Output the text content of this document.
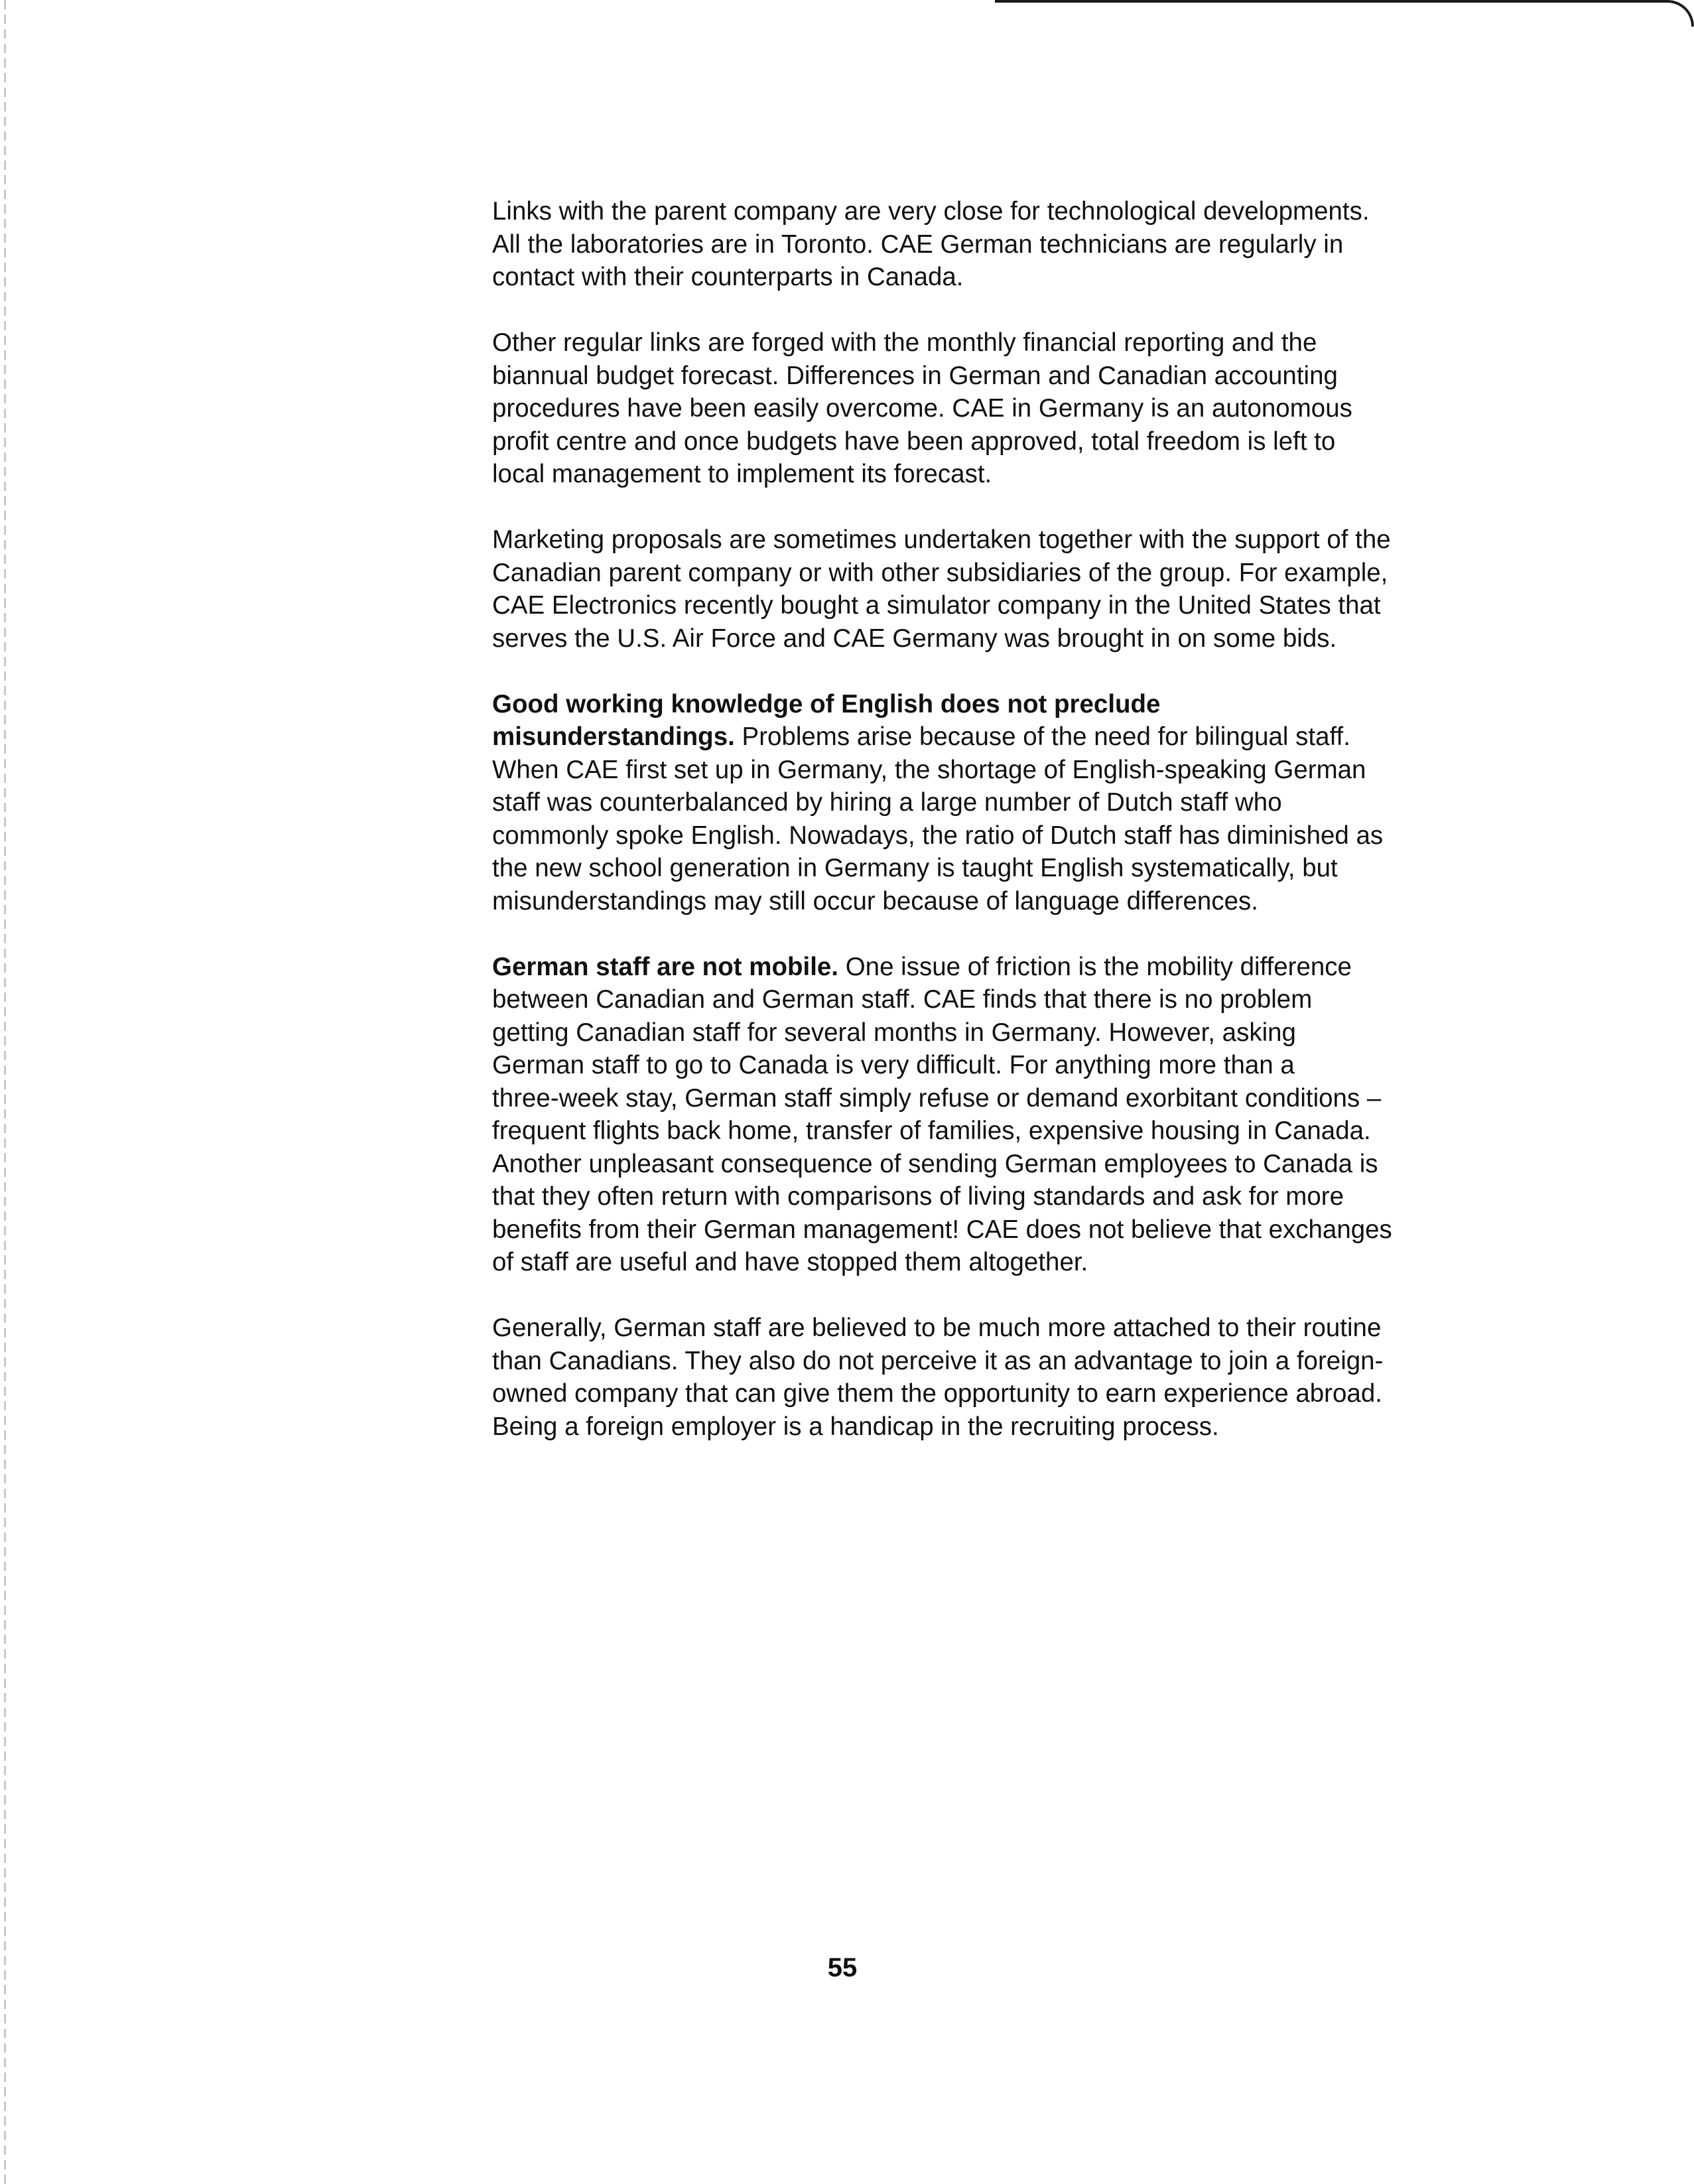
Links with the parent company are very close for technological developments.
All the laboratories are in Toronto. CAE German technicians are regularly in
contact with their counterparts in Canada.

Other regular links are forged with the monthly financial reporting and the
biannual budget forecast. Differences in German and Canadian accounting
procedures have been easily overcome. CAE in Germany is an autonomous
profit centre and once budgets have been approved, total freedom is left to
local management to implement its forecast.

Marketing proposals are sometimes undertaken together with the support of the
Canadian parent company or with other subsidiaries of the group. For example,
CAE Electronics recently bought a simulator company in the United States that
serves the U.S. Air Force and CAE Germany was brought in on some bids.

Good working knowledge of English does not preclude
misunderstandings. Problems arise because of the need for bilingual staff.
When CAE first set up in Germany, the shortage of English-speaking German
staff was counterbalanced by hiring a large number of Dutch staff who
commonly spoke English. Nowadays, the ratio of Dutch staff has diminished as
the new school generation in Germany is taught English systematically, but
misunderstandings may still occur because of language differences.

German staff are not mobile. One issue of friction is the mobility difference
between Canadian and German staff. CAE finds that there is no problem
getting Canadian staff for several months in Germany. However, asking
German staff to go to Canada is very difficult. For anything more than a
three-week stay, German staff simply refuse or demand exorbitant conditions –
frequent flights back home, transfer of families, expensive housing in Canada.
Another unpleasant consequence of sending German employees to Canada is
that they often return with comparisons of living standards and ask for more
benefits from their German management! CAE does not believe that exchanges
of staff are useful and have stopped them altogether.

Generally, German staff are believed to be much more attached to their routine
than Canadians. They also do not perceive it as an advantage to join a foreign-
owned company that can give them the opportunity to earn experience abroad.
Being a foreign employer is a handicap in the recruiting process.

55
